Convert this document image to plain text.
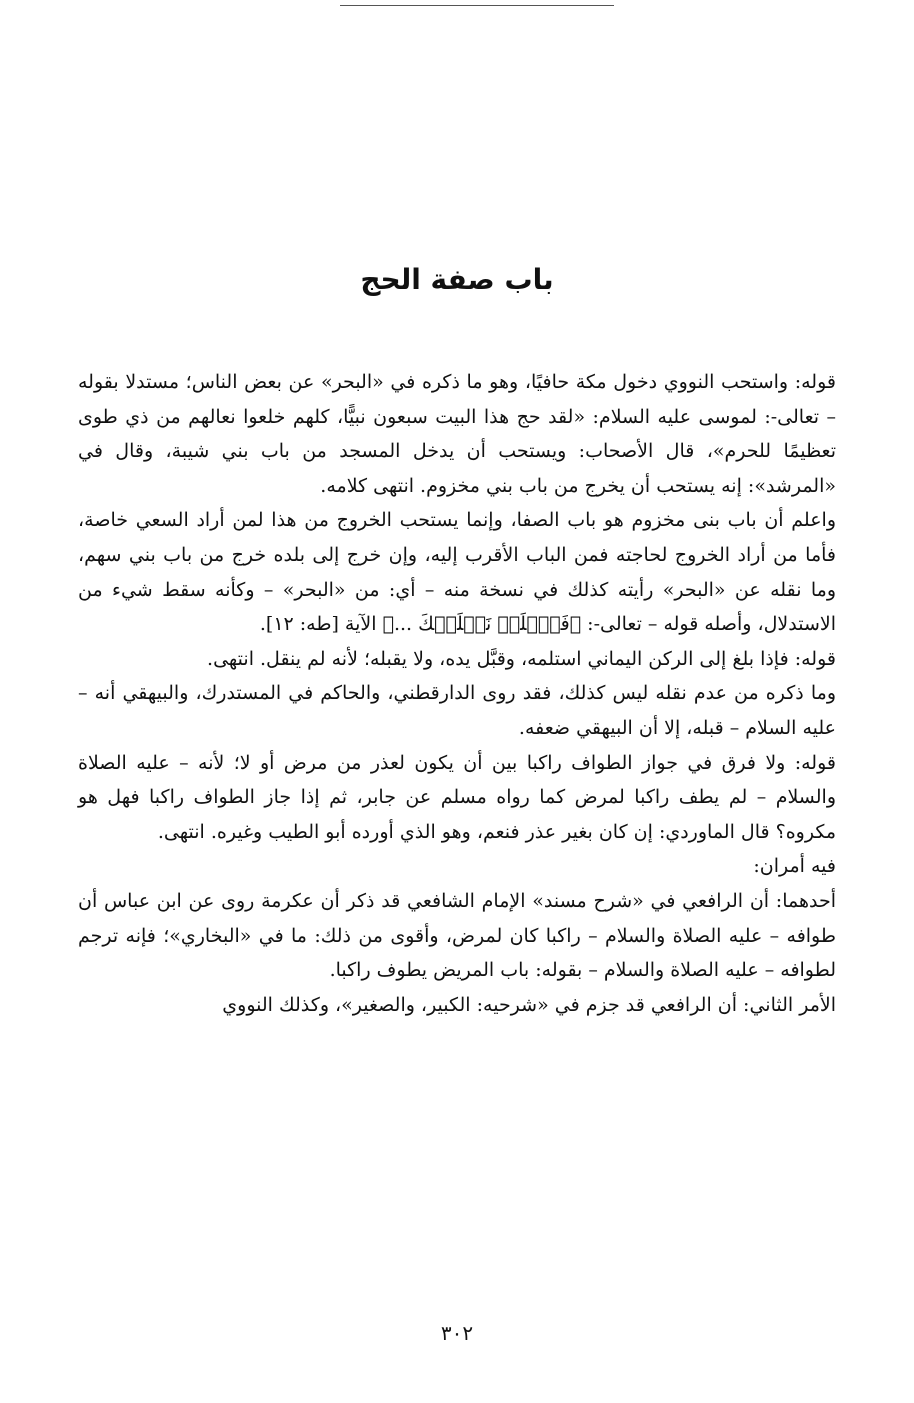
باب صفة الحج

قوله: واستحب النووي دخول مكة حافيًا، وهو ما ذكره في «البحر» عن بعض الناس؛ مستدلا بقوله – تعالى-: لموسى عليه السلام: «لقد حج هذا البيت سبعون نبيًّا، كلهم خلعوا نعالهم من ذي طوى تعظيمًا للحرم»، قال الأصحاب: ويستحب أن يدخل المسجد من باب بني شيبة، وقال في «المرشد»: إنه يستحب أن يخرج من باب بني مخزوم. انتهى كلامه.

واعلم أن باب بنى مخزوم هو باب الصفا، وإنما يستحب الخروج من هذا لمن أراد السعي خاصة، فأما من أراد الخروج لحاجته فمن الباب الأقرب إليه، وإن خرج إلى بلده خرج من باب بني سهم، وما نقله عن «البحر» رأيته كذلك في نسخة منه – أي: من «البحر» – وكأنه سقط شيء من الاستدلال، وأصله قوله – تعالى-: ﴿فَٱخۡلَعۡ نَعۡلَيۡكَ ...﴾ الآية [طه: ١٢].

قوله: فإذا بلغ إلى الركن اليماني استلمه، وقبَّل يده، ولا يقبله؛ لأنه لم ينقل. انتهى.

وما ذكره من عدم نقله ليس كذلك، فقد روى الدارقطني، والحاكم في المستدرك، والبيهقي أنه – عليه السلام – قبله، إلا أن البيهقي ضعفه.

قوله: ولا فرق في جواز الطواف راكبا بين أن يكون لعذر من مرض أو لا؛ لأنه – عليه الصلاة والسلام – لم يطف راكبا لمرض كما رواه مسلم عن جابر، ثم إذا جاز الطواف راكبا فهل هو مكروه؟ قال الماوردي: إن كان بغير عذر فنعم، وهو الذي أورده أبو الطيب وغيره. انتهى.

فيه أمران:

أحدهما: أن الرافعي في «شرح مسند» الإمام الشافعي قد ذكر أن عكرمة روى عن ابن عباس أن طوافه – عليه الصلاة والسلام – راكبا كان لمرض، وأقوى من ذلك: ما في «البخاري»؛ فإنه ترجم لطوافه – عليه الصلاة والسلام – بقوله: باب المريض يطوف راكبا.

الأمر الثاني: أن الرافعي قد جزم في «شرحيه: الكبير، والصغير»، وكذلك النووي

٣٠٢
